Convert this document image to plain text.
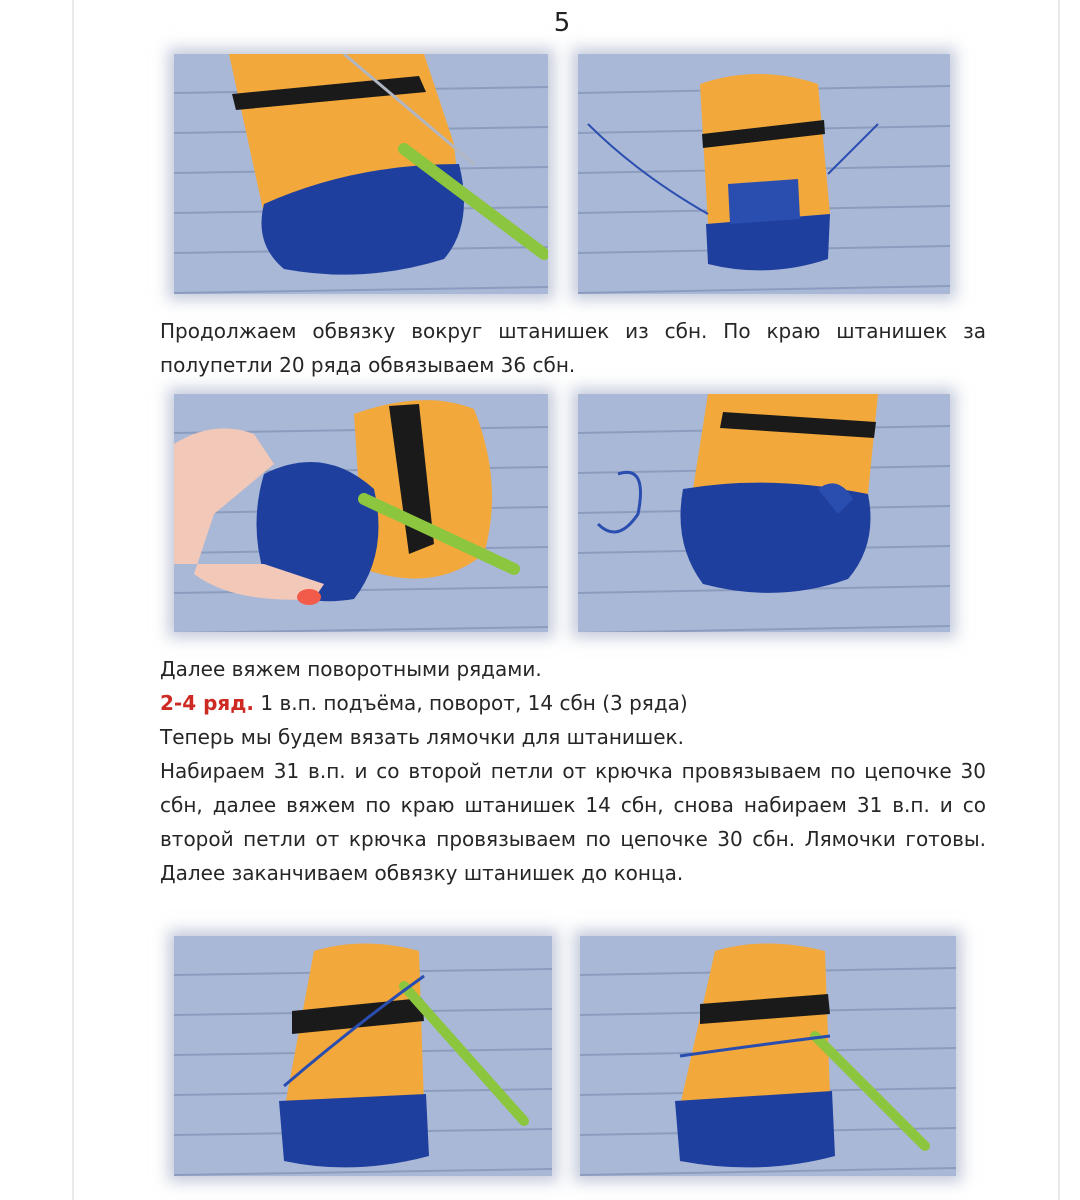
5

Продолжаем обвязку вокруг штанишек из сбн. По краю штанишек за полупетли 20 ряда обвязываем 36 сбн.

Далее вяжем поворотными рядами.

2-4 ряд. 1 в.п. подъёма, поворот, 14 сбн (3 ряда)

Теперь мы будем вязать лямочки для штанишек.

Набираем 31 в.п. и со второй петли от крючка провязываем по цепочке 30 сбн, далее вяжем по краю штанишек 14 сбн, снова набираем 31 в.п. и со второй петли от крючка провязываем по цепочке 30 сбн. Лямочки готовы. Далее заканчиваем обвязку штанишек до конца.
